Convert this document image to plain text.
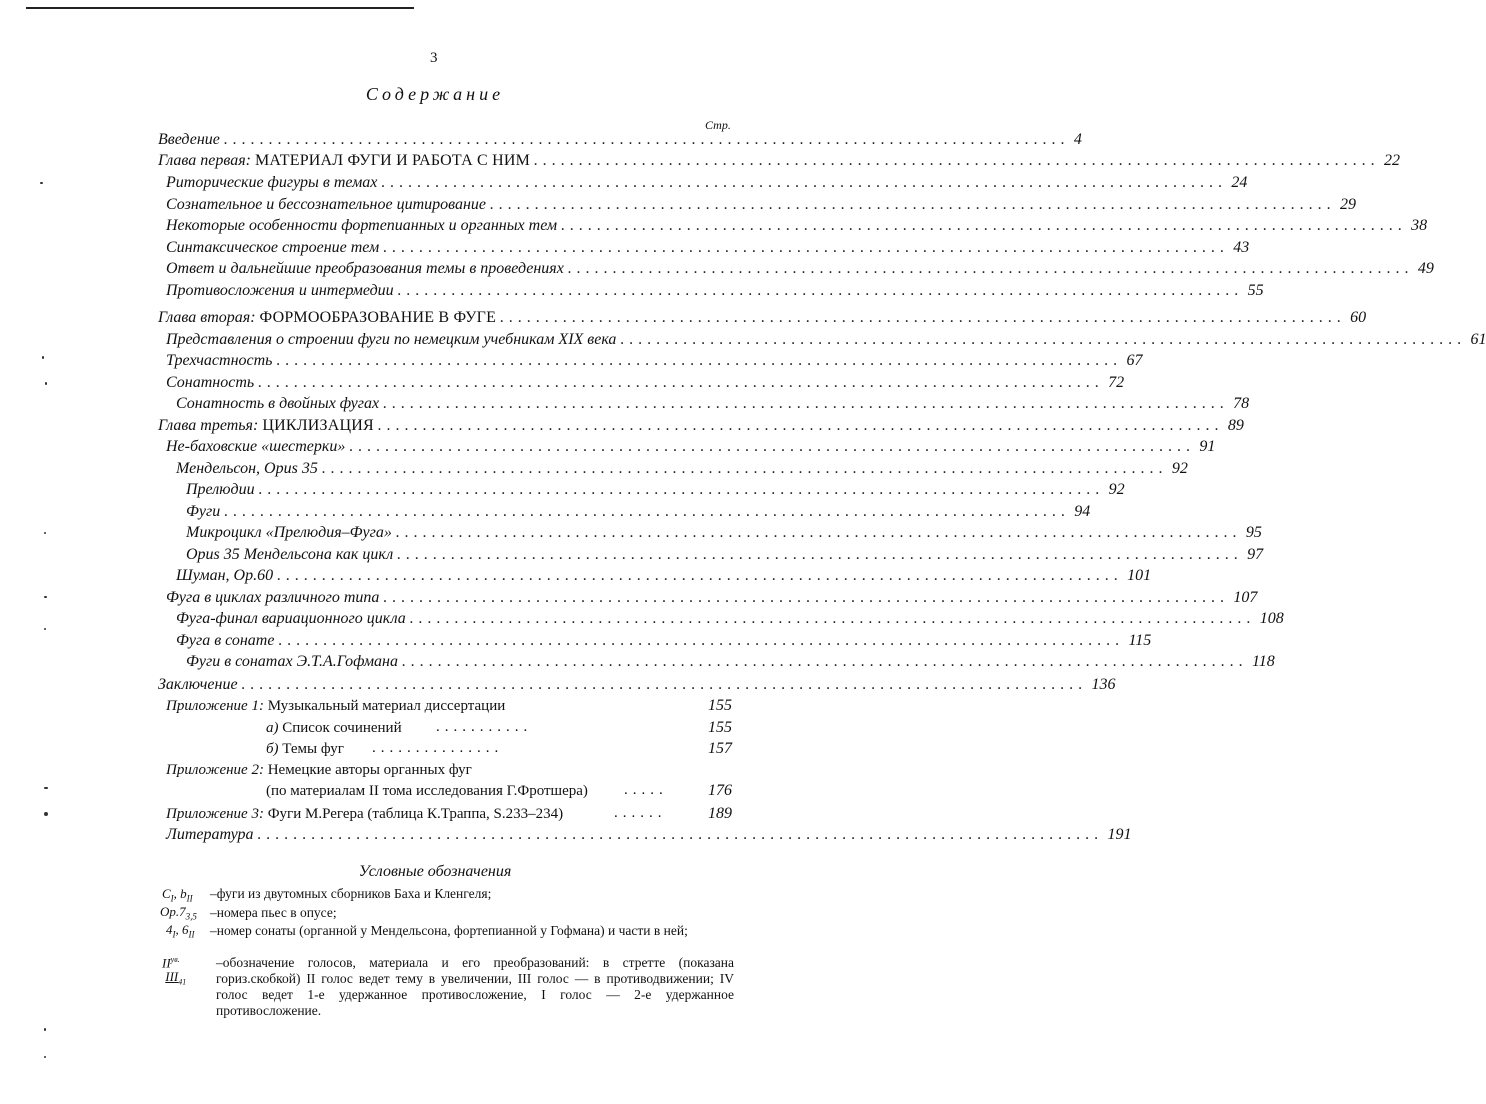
3
Содержание
Стр.
Введение .............................................................................................. 4
Глава первая: МАТЕРИАЛ ФУГИ И РАБОТА С НИМ .............................................................................................. 22
Риторические фигуры в темах .............................................................................................. 24
Сознательное и бессознательное цитирование .............................................................................................. 29
Некоторые особенности фортепианных и органных тем .............................................................................................. 38
Синтаксическое строение тем .............................................................................................. 43
Ответ и дальнейшие преобразования темы в проведениях .............................................................................................. 49
Противосложения и интермедии .............................................................................................. 55
Глава вторая: ФОРМООБРАЗОВАНИЕ В ФУГЕ .............................................................................................. 60
Представления о строении фуги по немецким учебникам XIX века .............................................................................................. 61
Трехчастность .............................................................................................. 67
Сонатность .............................................................................................. 72
Сонатность в двойных фугах .............................................................................................. 78
Глава третья: ЦИКЛИЗАЦИЯ .............................................................................................. 89
Не-баховские «шестерки» .............................................................................................. 91
Мендельсон, Opus 35 .............................................................................................. 92
Прелюдии .............................................................................................. 92
Фуги .............................................................................................. 94
Микроцикл «Прелюдия–Фуга» .............................................................................................. 95
Opus 35 Мендельсона как цикл .............................................................................................. 97
Шуман, Op.60 .............................................................................................. 101
Фуга в циклах различного типа .............................................................................................. 107
Фуга-финал вариационного цикла .............................................................................................. 108
Фуга в сонате .............................................................................................. 115
Фуги в сонатах Э.Т.А.Гофмана .............................................................................................. 118
Заключение .............................................................................................. 136
Приложение 1: Музыкальный материал диссертации	155
а) Список сочинений ...........	155
б) Темы фуг ...............	157
Приложение 2: Немецкие авторы органных фуг
(по материалам II тома исследования Г.Фротшера) .....	176
Приложение 3: Фуги М.Регера (таблица К.Траппа, S.233–234)	......	189
Литература .............................................................................................. 191
Условные обозначения
$C_I$, $b_{II}$ –фуги из двутомных сборников Баха и Кленгеля;
$Op.7_{3,5}$ –номера пьес в опусе;
$4_I$, $6_{II}$ –номер сонаты (органной у Мендельсона, фортепианной у Гофмана) и части в ней;
$II^{ув.}$
$III_{41}$
–обозначение голосов, материала и его преобразований: в стретте (показана гориз.скобкой) II голос ведет тему в увеличении, III голос — в противодвижении; IV голос ведет 1-е удержанное противосложение, I голос — 2-е удержанное противосложение.
